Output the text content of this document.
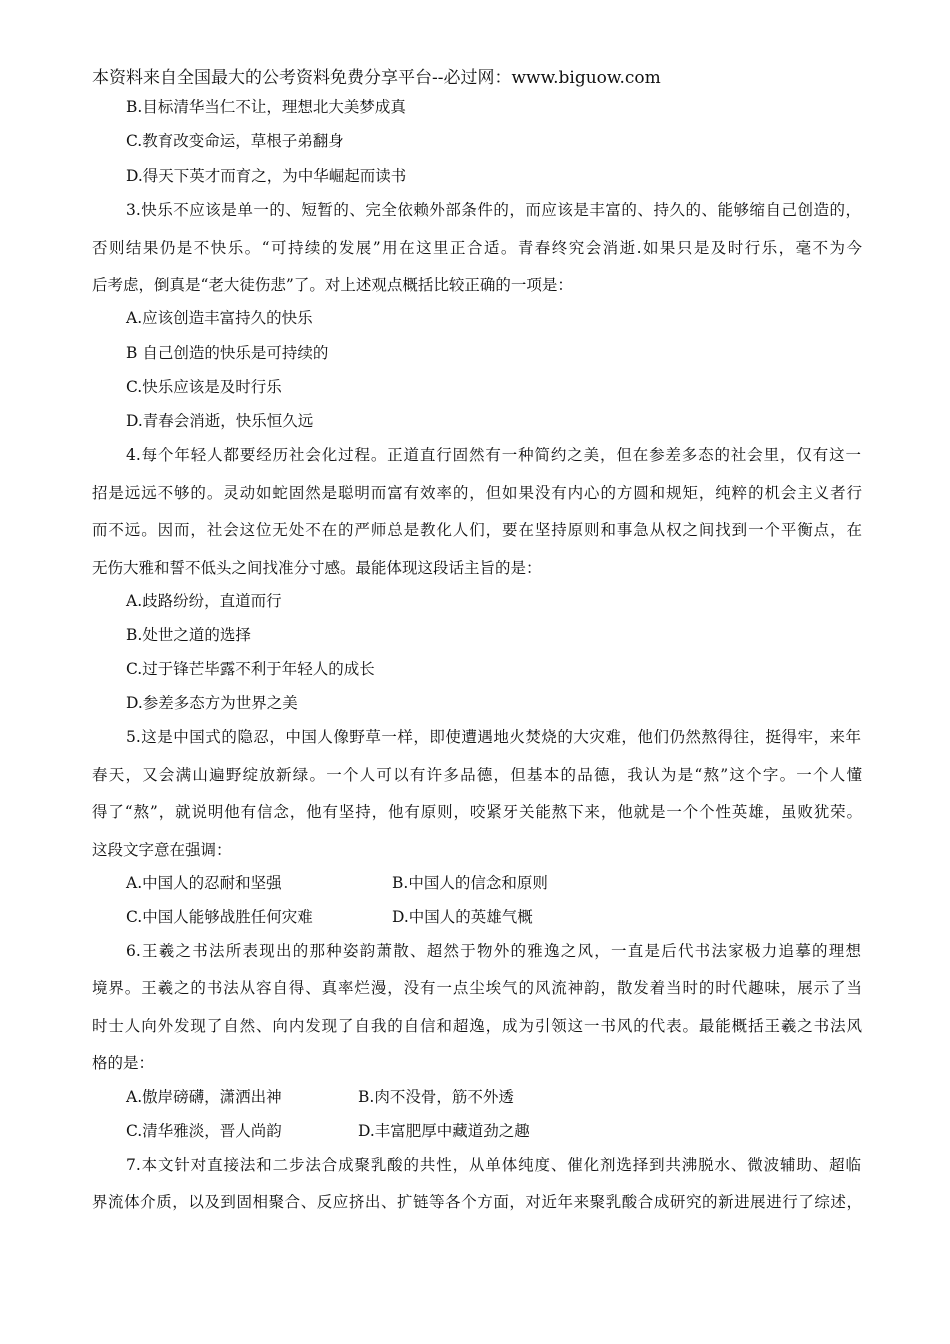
本资料来自全国最大的公考资料免费分享平台--必过网：www.biguow.com
B.目标清华当仁不让，理想北大美梦成真
C.教育改变命运，草根子弟翻身
D.得天下英才而育之，为中华崛起而读书
3.快乐不应该是单一的、短暂的、完全依赖外部条件的，而应该是丰富的、持久的、能够缩自己创造的，
否则结果仍是不快乐。“可持续的发展”用在这里正合适。青春终究会消逝.如果只是及时行乐，毫不为今
后考虑，倒真是“老大徒伤悲”了。对上述观点概括比较正确的一项是：
A.应该创造丰富持久的快乐
B 自己创造的快乐是可持续的
C.快乐应该是及时行乐
D.青春会消逝，快乐恒久远
4.每个年轻人都要经历社会化过程。正道直行固然有一种简约之美，但在参差多态的社会里，仅有这一
招是远远不够的。灵动如蛇固然是聪明而富有效率的，但如果没有内心的方圆和规矩，纯粹的机会主义者行
而不远。因而，社会这位无处不在的严师总是教化人们，要在坚持原则和事急从权之间找到一个平衡点，在
无伤大雅和誓不低头之间找准分寸感。最能体现这段话主旨的是：
A.歧路纷纷，直道而行
B.处世之道的选择
C.过于锋芒毕露不利于年轻人的成长
D.参差多态方为世界之美
5.这是中国式的隐忍，中国人像野草一样，即使遭遇地火焚烧的大灾难，他们仍然熬得往，挺得牢，来年
春天，又会满山遍野绽放新绿。一个人可以有许多品德，但基本的品德，我认为是“熬”这个字。一个人懂
得了“熬”，就说明他有信念，他有坚持，他有原则，咬紧牙关能熬下来，他就是一个个性英雄，虽败犹荣。
这段文字意在强调：
A.中国人的忍耐和坚强	B.中国人的信念和原则
C.中国人能够战胜任何灾难	D.中国人的英雄气概
6.王羲之书法所表现出的那种姿韵萧散、超然于物外的雅逸之风，一直是后代书法家极力追摹的理想
境界。王羲之的书法从容自得、真率烂漫，没有一点尘埃气的风流神韵，散发着当时的时代趣味，展示了当
时士人向外发现了自然、向内发现了自我的自信和超逸，成为引领这一书风的代表。最能概括王羲之书法风
格的是：
A.傲岸磅礴，潇洒出神	B.肉不没骨，筋不外透
C.清华雅淡，晋人尚韵	D.丰富肥厚中藏道劲之趣
7.本文针对直接法和二步法合成聚乳酸的共性，从单体纯度、催化剂选择到共沸脱水、微波辅助、超临
界流体介质，以及到固相聚合、反应挤出、扩链等各个方面，对近年来聚乳酸合成研究的新进展进行了综述，
